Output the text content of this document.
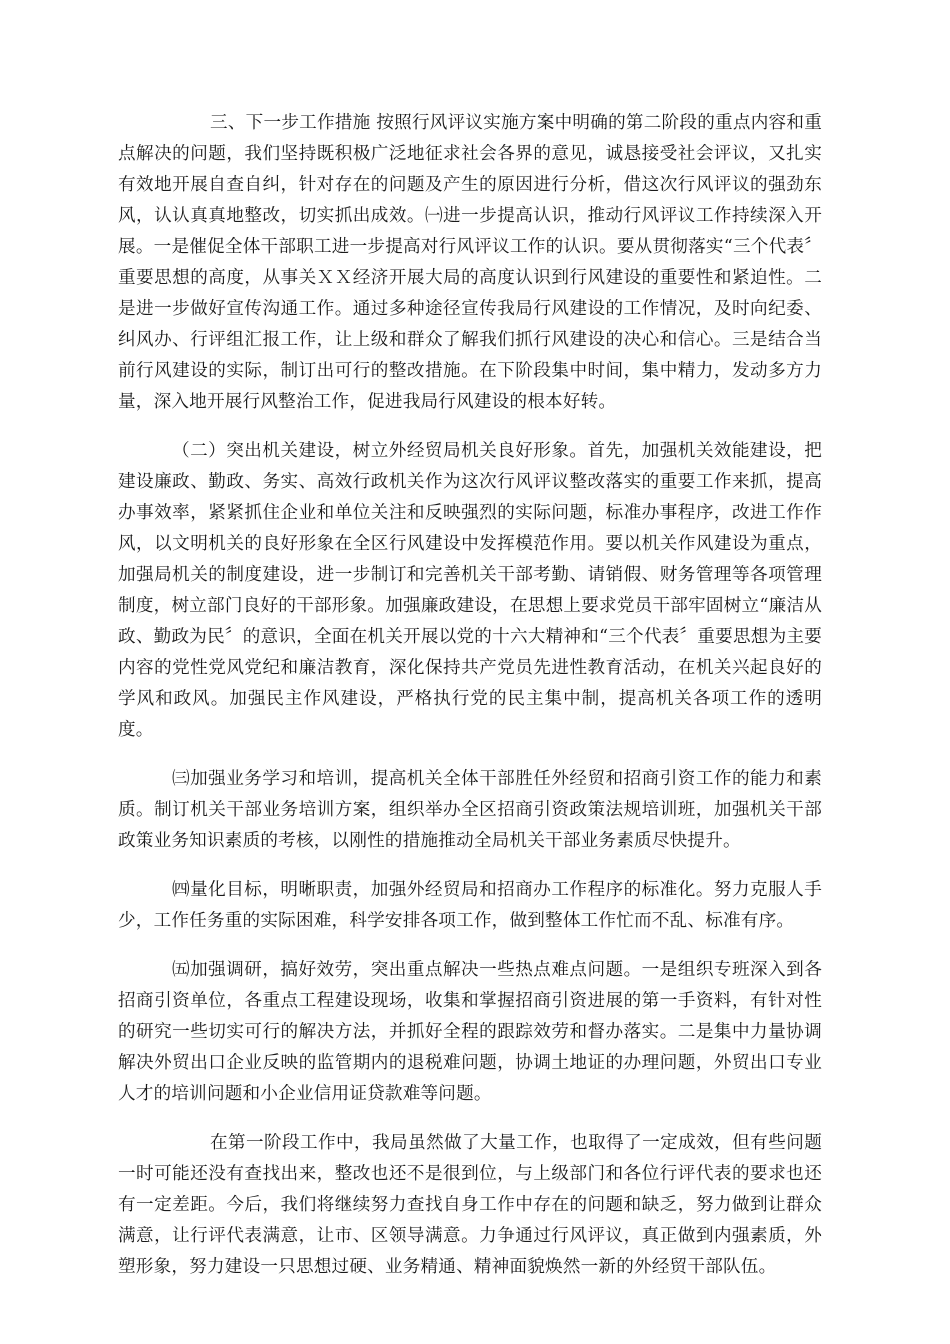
三、下一步工作措施 按照行风评议实施方案中明确的第二阶段的重点内容和重点解决的问题，我们坚持既积极广泛地征求社会各界的意见，诚恳接受社会评议，又扎实有效地开展自查自纠，针对存在的问题及产生的原因进行分析，借这次行风评议的强劲东风，认认真真地整改，切实抓出成效。㈠进一步提高认识，推动行风评议工作持续深入开展。一是催促全体干部职工进一步提高对行风评议工作的认识。要从贯彻落实“三个代表〞重要思想的高度，从事关ＸＸ经济开展大局的高度认识到行风建设的重要性和紧迫性。二是进一步做好宣传沟通工作。通过多种途径宣传我局行风建设的工作情况，及时向纪委、纠风办、行评组汇报工作，让上级和群众了解我们抓行风建设的决心和信心。三是结合当前行风建设的实际，制订出可行的整改措施。在下阶段集中时间，集中精力，发动多方力量，深入地开展行风整治工作，促进我局行风建设的根本好转。

（二）突出机关建设，树立外经贸局机关良好形象。首先，加强机关效能建设，把建设廉政、勤政、务实、高效行政机关作为这次行风评议整改落实的重要工作来抓，提高办事效率，紧紧抓住企业和单位关注和反映强烈的实际问题，标准办事程序，改进工作作风，以文明机关的良好形象在全区行风建设中发挥模范作用。要以机关作风建设为重点，加强局机关的制度建设，进一步制订和完善机关干部考勤、请销假、财务管理等各项管理制度，树立部门良好的干部形象。加强廉政建设，在思想上要求党员干部牢固树立“廉洁从政、勤政为民〞的意识，全面在机关开展以党的十六大精神和“三个代表〞重要思想为主要内容的党性党风党纪和廉洁教育，深化保持共产党员先进性教育活动，在机关兴起良好的学风和政风。加强民主作风建设，严格执行党的民主集中制，提高机关各项工作的透明度。

㈢加强业务学习和培训，提高机关全体干部胜任外经贸和招商引资工作的能力和素质。制订机关干部业务培训方案，组织举办全区招商引资政策法规培训班，加强机关干部政策业务知识素质的考核，以刚性的措施推动全局机关干部业务素质尽快提升。

㈣量化目标，明晰职责，加强外经贸局和招商办工作程序的标准化。努力克服人手少，工作任务重的实际困难，科学安排各项工作，做到整体工作忙而不乱、标准有序。

㈤加强调研，搞好效劳，突出重点解决一些热点难点问题。一是组织专班深入到各招商引资单位，各重点工程建设现场，收集和掌握招商引资进展的第一手资料，有针对性的研究一些切实可行的解决方法，并抓好全程的跟踪效劳和督办落实。二是集中力量协调解决外贸出口企业反映的监管期内的退税难问题，协调土地证的办理问题，外贸出口专业人才的培训问题和小企业信用证贷款难等问题。

在第一阶段工作中，我局虽然做了大量工作，也取得了一定成效，但有些问题一时可能还没有查找出来，整改也还不是很到位，与上级部门和各位行评代表的要求也还有一定差距。今后，我们将继续努力查找自身工作中存在的问题和缺乏，努力做到让群众满意，让行评代表满意，让市、区领导满意。力争通过行风评议，真正做到内强素质，外塑形象，努力建设一只思想过硬、业务精通、精神面貌焕然一新的外经贸干部队伍。
